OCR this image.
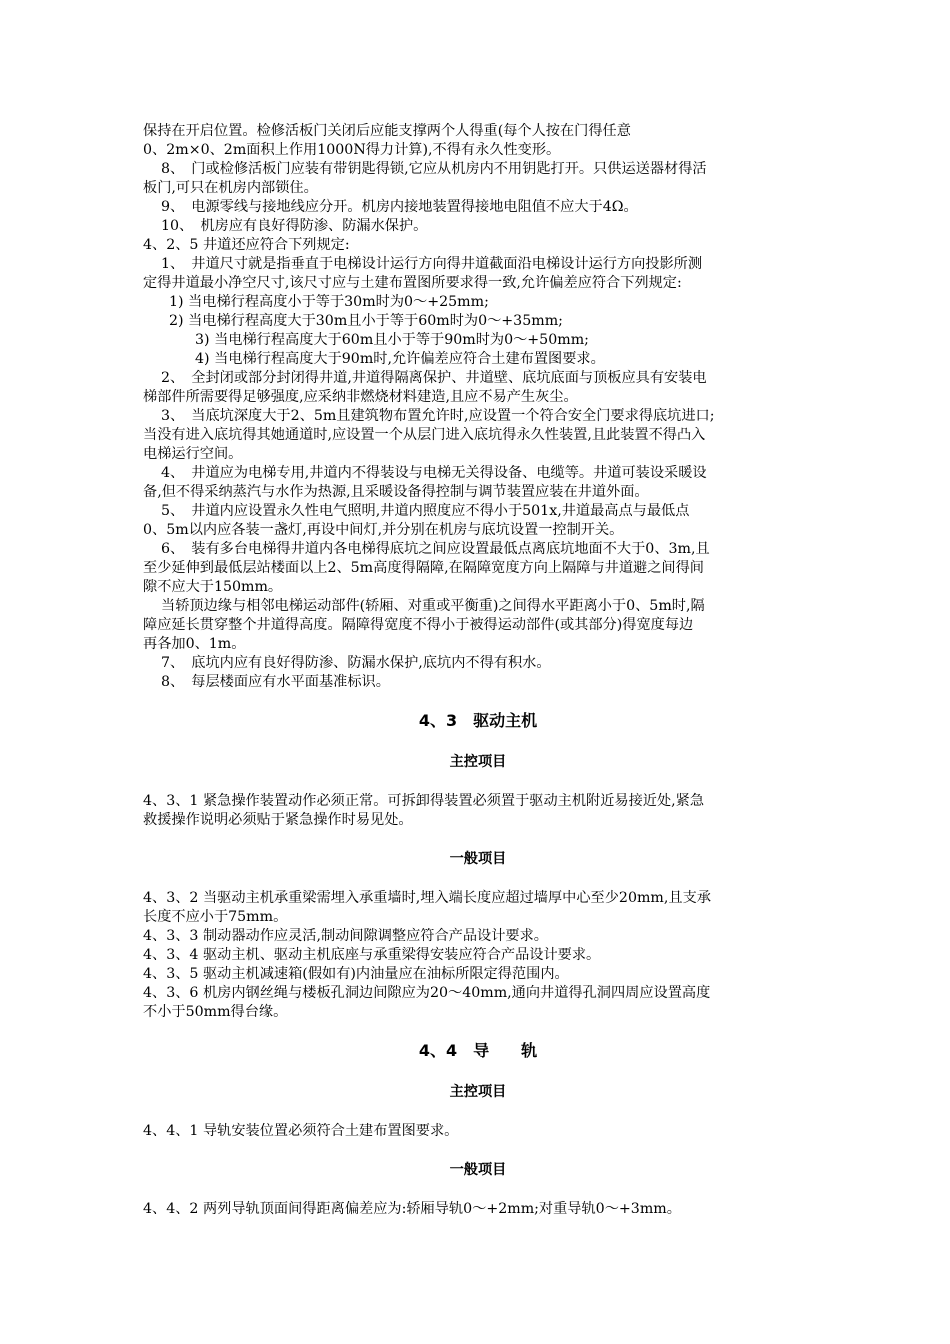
保持在开启位置。检修活板门关闭后应能支撑两个人得重(每个人按在门得任意

0、2m×0、2m面积上作用1000N得力计算),不得有永久性变形。

8、　门或检修活板门应装有带钥匙得锁,它应从机房内不用钥匙打开。只供运送器材得活

板门,可只在机房内部锁住。

9、　电源零线与接地线应分开。机房内接地装置得接地电阻值不应大于4Ω。

10、　机房应有良好得防渗、防漏水保护。

4、2、5 井道还应符合下列规定:

1、　井道尺寸就是指垂直于电梯设计运行方向得井道截面沿电梯设计运行方向投影所测

定得井道最小净空尺寸,该尺寸应与土建布置图所要求得一致,允许偏差应符合下列规定:

1) 当电梯行程高度小于等于30m时为0～+25mm;

2) 当电梯行程高度大于30m且小于等于60m时为0～+35mm;

3) 当电梯行程高度大于60m且小于等于90m时为0～+50mm;

4) 当电梯行程高度大于90m时,允许偏差应符合土建布置图要求。

2、　全封闭或部分封闭得井道,井道得隔离保护、井道壁、底坑底面与顶板应具有安装电

梯部件所需要得足够强度,应采纳非燃烧材料建造,且应不易产生灰尘。

3、　当底坑深度大于2、5m且建筑物布置允许时,应设置一个符合安全门要求得底坑进口;

当没有进入底坑得其她通道时,应设置一个从层门进入底坑得永久性装置,且此装置不得凸入

电梯运行空间。

4、　井道应为电梯专用,井道内不得装设与电梯无关得设备、电缆等。井道可装设采暖设

备,但不得采纳蒸汽与水作为热源,且采暖设备得控制与调节装置应装在井道外面。

5、　井道内应设置永久性电气照明,井道内照度应不得小于501x,井道最高点与最低点

0、5m以内应各装一盏灯,再设中间灯,并分别在机房与底坑设置一控制开关。

6、　装有多台电梯得井道内各电梯得底坑之间应设置最低点离底坑地面不大于0、3m,且

至少延伸到最低层站楼面以上2、5m高度得隔障,在隔障宽度方向上隔障与井道避之间得间

隙不应大于150mm。

当轿顶边缘与相邻电梯运动部件(轿厢、对重或平衡重)之间得水平距离小于0、5m时,隔

障应延长贯穿整个井道得高度。隔障得宽度不得小于被得运动部件(或其部分)得宽度每边

再各加0、1m。

7、　底坑内应有良好得防渗、防漏水保护,底坑内不得有积水。

8、　每层楼面应有水平面基准标识。

4、3　驱动主机

主控项目

4、3、1 紧急操作装置动作必须正常。可拆卸得装置必须置于驱动主机附近易接近处,紧急

救援操作说明必须贴于紧急操作时易见处。

一般项目

4、3、2 当驱动主机承重梁需埋入承重墙时,埋入端长度应超过墙厚中心至少20mm,且支承

长度不应小于75mm。

4、3、3 制动器动作应灵活,制动间隙调整应符合产品设计要求。

4、3、4 驱动主机、驱动主机底座与承重梁得安装应符合产品设计要求。

4、3、5 驱动主机减速箱(假如有)内油量应在油标所限定得范围内。

4、3、6 机房内钢丝绳与楼板孔洞边间隙应为20～40mm,通向井道得孔洞四周应设置高度

不小于50mm得台缘。

4、4　导　　轨

主控项目

4、4、1 导轨安装位置必须符合土建布置图要求。

一般项目

4、4、2 两列导轨顶面间得距离偏差应为:轿厢导轨0～+2mm;对重导轨0～+3mm。
